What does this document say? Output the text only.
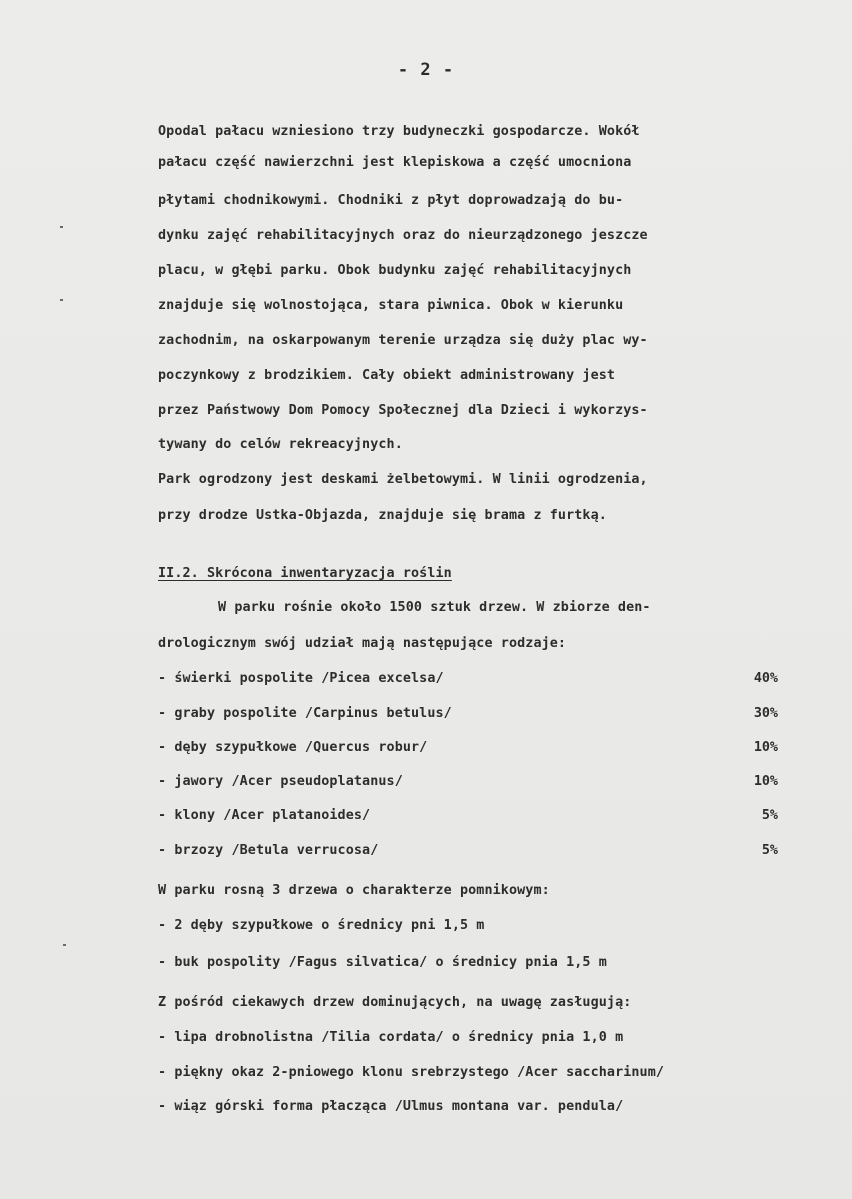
- 2 -
Opodal pałacu wzniesiono trzy budyneczki gospodarcze. Wokół
pałacu część nawierzchni jest klepiskowa a część umocniona
płytami chodnikowymi. Chodniki z płyt doprowadzają do bu-
dynku zajęć rehabilitacyjnych oraz do nieurządzonego jeszcze
placu, w głębi parku. Obok budynku zajęć rehabilitacyjnych
znajduje się wolnostojąca, stara piwnica. Obok w kierunku
zachodnim, na oskarpowanym terenie urządza się duży plac wy-
poczynkowy z brodzikiem. Cały obiekt administrowany jest
przez Państwowy Dom Pomocy Społecznej dla Dzieci i wykorzys-
tywany do celów rekreacyjnych.
Park ogrodzony jest deskami żelbetowymi. W linii ogrodzenia,
przy drodze Ustka-Objazda, znajduje się brama z furtką.
II.2. Skrócona inwentaryzacja roślin
W parku rośnie około 1500 sztuk drzew. W zbiorze den-
drologicznym swój udział mają następujące rodzaje:
- świerki pospolite /Picea excelsa/	40%
- graby pospolite /Carpinus betulus/	30%
- dęby szypułkowe /Quercus robur/	10%
- jawory /Acer pseudoplatanus/	10%
- klony /Acer platanoides/	5%
- brzozy /Betula verrucosa/	5%
W parku rosną 3 drzewa o charakterze pomnikowym:
- 2 dęby szypułkowe o średnicy pni 1,5 m
- buk pospolity /Fagus silvatica/ o średnicy pnia 1,5 m
Z pośród ciekawych drzew dominujących, na uwagę zasługują:
- lipa drobnolistna /Tilia cordata/ o średnicy pnia 1,0 m
- piękny okaz 2-pniowego klonu srebrzystego /Acer saccharinum/
- wiąz górski forma płacząca /Ulmus montana var. pendula/
